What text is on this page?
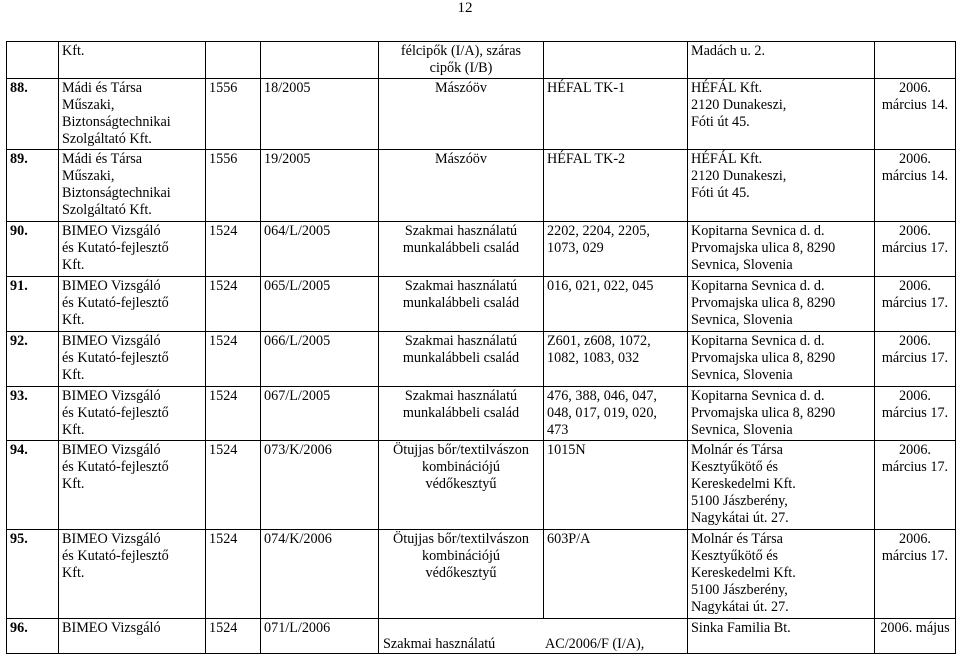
12
	Kft.			félcipők (I/A), száras
cipők (I/B)		Madách u. 2.	
88.	Mádi és Társa
Műszaki,
Biztonságtechnikai
Szolgáltató Kft.	1556	18/2005	Mászóöv	HÉFAL TK-1	HÉFÁL Kft.
2120 Dunakeszi,
Fóti út 45.	2006.
március 14.
89.	Mádi és Társa
Műszaki,
Biztonságtechnikai
Szolgáltató Kft.	1556	19/2005	Mászóöv	HÉFAL TK-2	HÉFÁL Kft.
2120 Dunakeszi,
Fóti út 45.	2006.
március 14.
90.	BIMEO Vizsgáló
és Kutató-fejlesztő
Kft.	1524	064/L/2005	Szakmai használatú
munkalábbeli család	2202, 2204, 2205,
1073, 029	Kopitarna Sevnica d. d.
Prvomajska ulica 8, 8290
Sevnica, Slovenia	2006.
március 17.
91.	BIMEO Vizsgáló
és Kutató-fejlesztő
Kft.	1524	065/L/2005	Szakmai használatú
munkalábbeli család	016, 021, 022, 045	Kopitarna Sevnica d. d.
Prvomajska ulica 8, 8290
Sevnica, Slovenia	2006.
március 17.
92.	BIMEO Vizsgáló
és Kutató-fejlesztő
Kft.	1524	066/L/2005	Szakmai használatú
munkalábbeli család	Z601, z608, 1072,
1082, 1083, 032	Kopitarna Sevnica d. d.
Prvomajska ulica 8, 8290
Sevnica, Slovenia	2006.
március 17.
93.	BIMEO Vizsgáló
és Kutató-fejlesztő
Kft.	1524	067/L/2005	Szakmai használatú
munkalábbeli család	476, 388, 046, 047,
048, 017, 019, 020,
473	Kopitarna Sevnica d. d.
Prvomajska ulica 8, 8290
Sevnica, Slovenia	2006.
március 17.
94.	BIMEO Vizsgáló
és Kutató-fejlesztő
Kft.	1524	073/K/2006	Ötujjas bőr/textilvászon
kombinációjú
védőkesztyű	1015N	Molnár és Társa
Kesztyűkötő és
Kereskedelmi Kft.
5100 Jászberény,
Nagykátai út. 27.	2006.
március 17.
95.	BIMEO Vizsgáló
és Kutató-fejlesztő
Kft.	1524	074/K/2006	Ötujjas bőr/textilvászon
kombinációjú
védőkesztyű	603P/A	Molnár és Társa
Kesztyűkötő és
Kereskedelmi Kft.
5100 Jászberény,
Nagykátai út. 27.	2006.
március 17.
96.	BIMEO Vizsgáló	1524	071/L/2006	Szakmai használatú AC/2006/F (I/A),		Sinka Familia Bt.	2006. május
